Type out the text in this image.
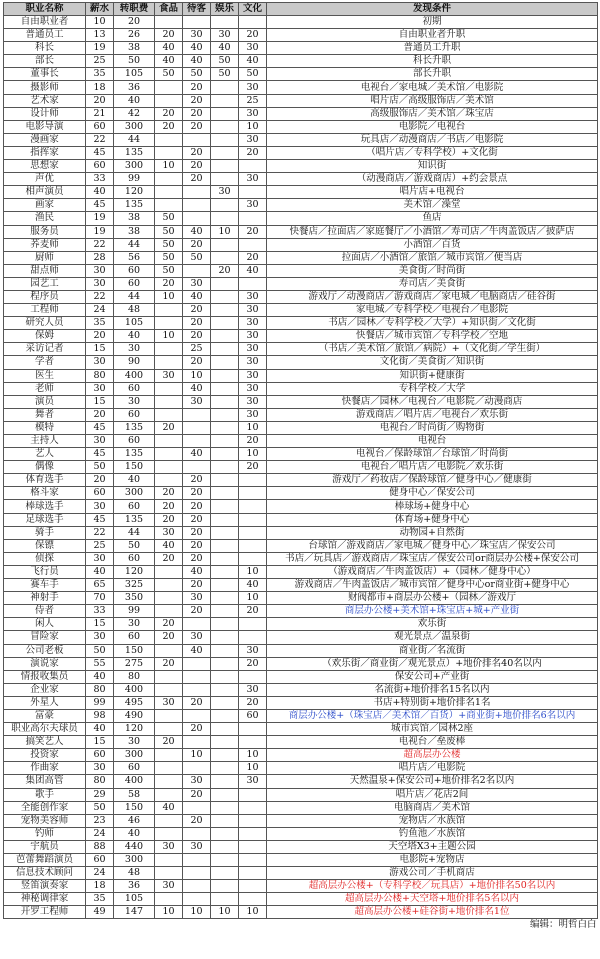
职业名称	薪水	转职费	食品	待客	娱乐	文化	发现条件
自由职业者	10	20					初期
普通员工	13	26	20	30	30	20	自由职业者升职
科长	19	38	40	40	40	30	普通员工升职
部长	25	50	40	40	50	40	科长升职
董事长	35	105	50	50	50	50	部长升职
摄影师	18	36		20		30	电视台／家电城／美术馆／电影院
艺术家	20	40		20		25	唱片店／高级服饰店／美术馆
设计师	21	42	20	20		30	高级服饰店／美术馆／珠宝店
电影导演	60	300	20	20		10	电影院／电视台
漫画家	22	44				30	玩具店／动漫商店／书店／电影院
指挥家	45	135		20		20	（唱片店／专科学校）+文化街
思想家	60	300	10	20			知识街
声优	33	99		20		30	（动漫商店／游戏商店）+约会景点
相声演员	40	120			30		唱片店+电视台
画家	45	135				30	美术馆／澡堂
渔民	19	38	50				鱼店
服务员	19	38	50	40	10	20	快餐店／拉面店／家庭餐厅／小酒馆／寿司店／牛肉盖饭店／披萨店
荞麦师	22	44	50	20			小酒馆／百货
厨师	28	56	50	50		20	拉面店／小酒馆／旅馆／城市宾馆／便当店
甜点师	30	60	50		20	40	美食街／时尚街
园艺工	30	60	20	30			寿司店／美食街
程序员	22	44	10	40		30	游戏厅／动漫商店／游戏商店／家电城／电脑商店／硅谷街
工程师	24	48		20		30	家电城／专科学校／电视台／电影院
研究人员	35	105		20		30	书店／园林／专科学校／大学）+知识街／文化街
保姆	20	40	10	20		30	快餐店／城市宾馆／专科学校／空地
采访记者	15	30		25		30	（书店／美术馆／旅馆／病院）+（文化街／学生街）
学者	30	90		20		30	文化街／美食街／知识街
医生	80	400	30	10		30	知识街+健康街
老师	30	60		40		30	专科学校／大学
演员	15	30		30		30	快餐店／园林／电视台／电影院／动漫商店
舞者	20	60				30	游戏商店／唱片店／电视台／欢乐街
模特	45	135	20			10	电视台／时尚街／购物街
主持人	30	60				20	电视台
艺人	45	135		40		10	电视台／保龄球馆／台球馆／时尚街
偶像	50	150				20	电视台／唱片店／电影院／欢乐街
体育选手	20	40		20			游戏厅／药妆店／保龄球馆／健身中心／健康街
格斗家	60	300	20	20			健身中心／保安公司
棒球选手	30	60	20	20			棒球场+健身中心
足球选手	45	135	20	20			体育场+健身中心
骑手	22	44	30	20			动物园+自然街
保镖	25	50	40	20			台球馆／游戏商店／家电城／健身中心／珠宝店／保安公司
侦探	30	60	20	20			书店／玩具店／游戏商店／珠宝店／保安公司or商层办公楼+保安公司
飞行员	40	120		40		10	（游戏商店／牛肉盖饭店）+（园林／健身中心）
赛车手	65	325		20		40	游戏商店／牛肉盖饭店／城市宾馆／健身中心or商业街+健身中心
神射手	70	350		30		10	财阀都市+商层办公楼+（园林／游戏厅
侍者	33	99		20		20	商层办公楼+美术馆+珠宝店+城+产业街
闲人	15	30	20				欢乐街
冒险家	30	60	20	30			观光景点／温泉街
公司老板	50	150		40		30	商业街／名流街
演说家	55	275	20			20	（欢乐街／商业街／观光景点）+地价排名40名以内
情报收集员	40	80					保安公司+产业街
企业家	80	400				30	名流街+地价排名15名以内
外星人	99	495	30	20		20	书店+特别街+地价排名1名
富豪	98	490				60	商层办公楼+（珠宝店／美术馆／百货）+商业街+地价排名6名以内
职业高尔夫球员	40	120		20			城市宾馆／园林2座
搞笑艺人	15	30	20				电视台／垒废棒
投资家	60	300		10		10	超高层办公楼
作曲家	30	60				10	唱片店／电影院
集团高管	80	400		30		30	天然温泉+保安公司+地价排名2名以内
歌手	29	58		20			唱片店／花店2间
全能创作家	50	150	40				电脑商店／美术馆
宠物美容师	23	46		20			宠物店／水族馆
钓师	24	40					钓鱼池／水族馆
宇航员	88	440	30	30			天空塔X3+主题公园
芭蕾舞蹈演员	60	300					电影院+宠物店
信息技术顾问	24	48					游戏公司／手机商店
竖笛演奏家	18	36	30				超高层办公楼+（专科学校／玩具店）+地价排名50名以内
神秘调律家	35	105					超高层办公楼+天空塔+地价排名5名以内
开罗工程师	49	147	10	10	10	10	超高层办公楼+硅谷街+地价排名1位
编辑：明哲白白							
